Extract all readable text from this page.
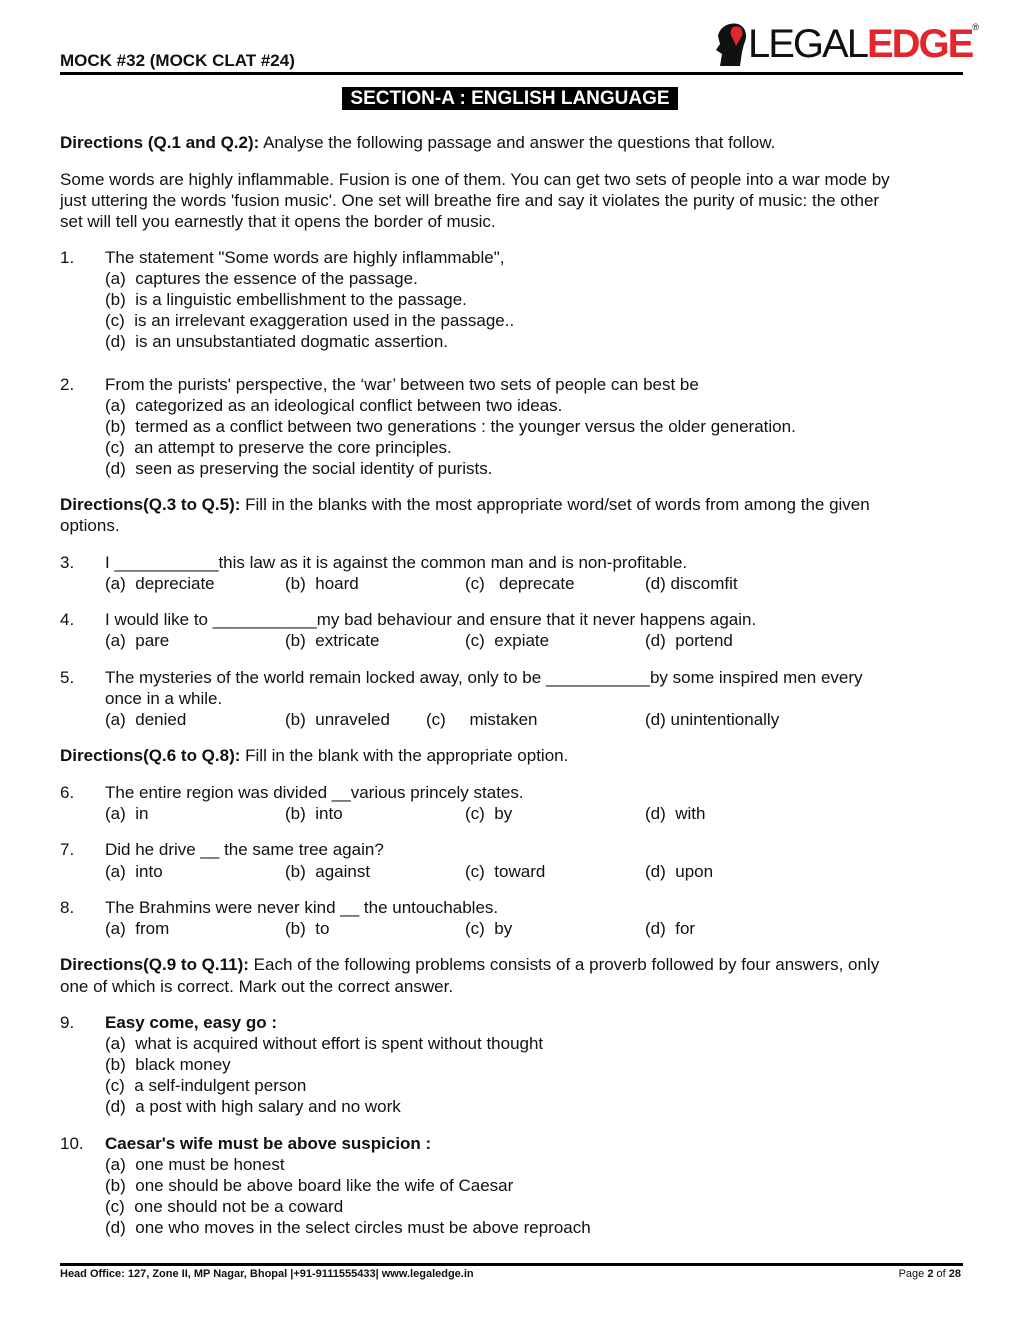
MOCK #32 (MOCK CLAT #24)	LEGAL EDGE ®
SECTION-A : ENGLISH LANGUAGE
Directions (Q.1 and Q.2): Analyse the following passage and answer the questions that follow.
Some words are highly inflammable. Fusion is one of them. You can get two sets of people into a war mode by
just uttering the words 'fusion music'. One set will breathe fire and say it violates the purity of music: the other
set will tell you earnestly that it opens the border of music.
1. The statement "Some words are highly inflammable",
(a) captures the essence of the passage.
(b) is a linguistic embellishment to the passage.
(c) is an irrelevant exaggeration used in the passage..
(d) is an unsubstantiated dogmatic assertion.
2. From the purists' perspective, the ‘war’ between two sets of people can best be
(a) categorized as an ideological conflict between two ideas.
(b) termed as a conflict between two generations : the younger versus the older generation.
(c) an attempt to preserve the core principles.
(d) seen as preserving the social identity of purists.
Directions(Q.3 to Q.5): Fill in the blanks with the most appropriate word/set of words from among the given
options.
3. I ___________this law as it is against the common man and is non-profitable.
(a) depreciate	(b) hoard	(c) deprecate	(d) discomfit
4. I would like to ___________my bad behaviour and ensure that it never happens again.
(a) pare	(b) extricate	(c) expiate	(d) portend
5. The mysteries of the world remain locked away, only to be ___________by some inspired men every
once in a while.
(a) denied	(b) unraveled (c) mistaken	(d) unintentionally
Directions(Q.6 to Q.8): Fill in the blank with the appropriate option.
6. The entire region was divided __various princely states.
(a) in	(b) into	(c) by	(d) with
7. Did he drive __ the same tree again?
(a) into	(b) against	(c) toward	(d) upon
8. The Brahmins were never kind __ the untouchables.
(a) from	(b) to	(c) by	(d) for
Directions(Q.9 to Q.11): Each of the following problems consists of a proverb followed by four answers, only
one of which is correct. Mark out the correct answer.
9. Easy come, easy go :
(a) what is acquired without effort is spent without thought
(b) black money
(c) a self-indulgent person
(d) a post with high salary and no work
10. Caesar's wife must be above suspicion :
(a) one must be honest
(b) one should be above board like the wife of Caesar
(c) one should not be a coward
(d) one who moves in the select circles must be above reproach
Head Office: 127, Zone II, MP Nagar, Bhopal |+91-9111555433| www.legaledge.in	Page 2 of 28
